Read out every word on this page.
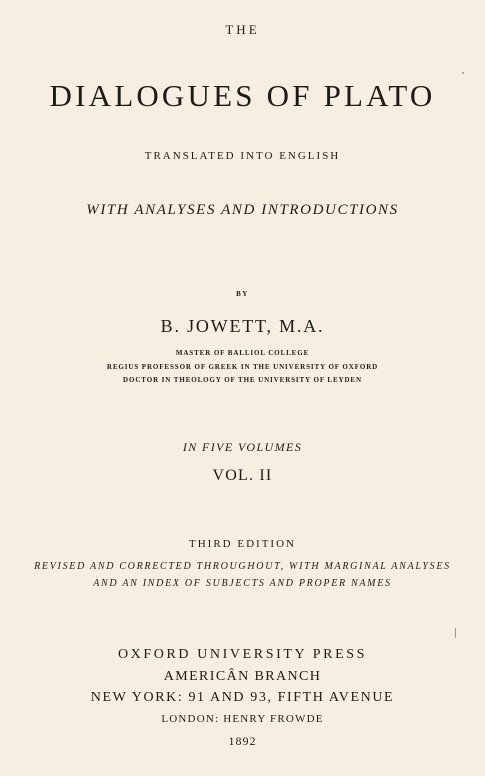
THE
DIALOGUES OF PLATO
TRANSLATED INTO ENGLISH
WITH ANALYSES AND INTRODUCTIONS
BY
B. JOWETT, M.A.
MASTER OF BALLIOL COLLEGE
REGIUS PROFESSOR OF GREEK IN THE UNIVERSITY OF OXFORD
DOCTOR IN THEOLOGY OF THE UNIVERSITY OF LEYDEN
IN FIVE VOLUMES
VOL. II
THIRD EDITION
REVISED AND CORRECTED THROUGHOUT, WITH MARGINAL ANALYSES
AND AN INDEX OF SUBJECTS AND PROPER NAMES
OXFORD UNIVERSITY PRESS
AMERICÂN BRANCH
NEW YORK: 91 AND 93, FIFTH AVENUE
LONDON: HENRY FROWDE
1892
